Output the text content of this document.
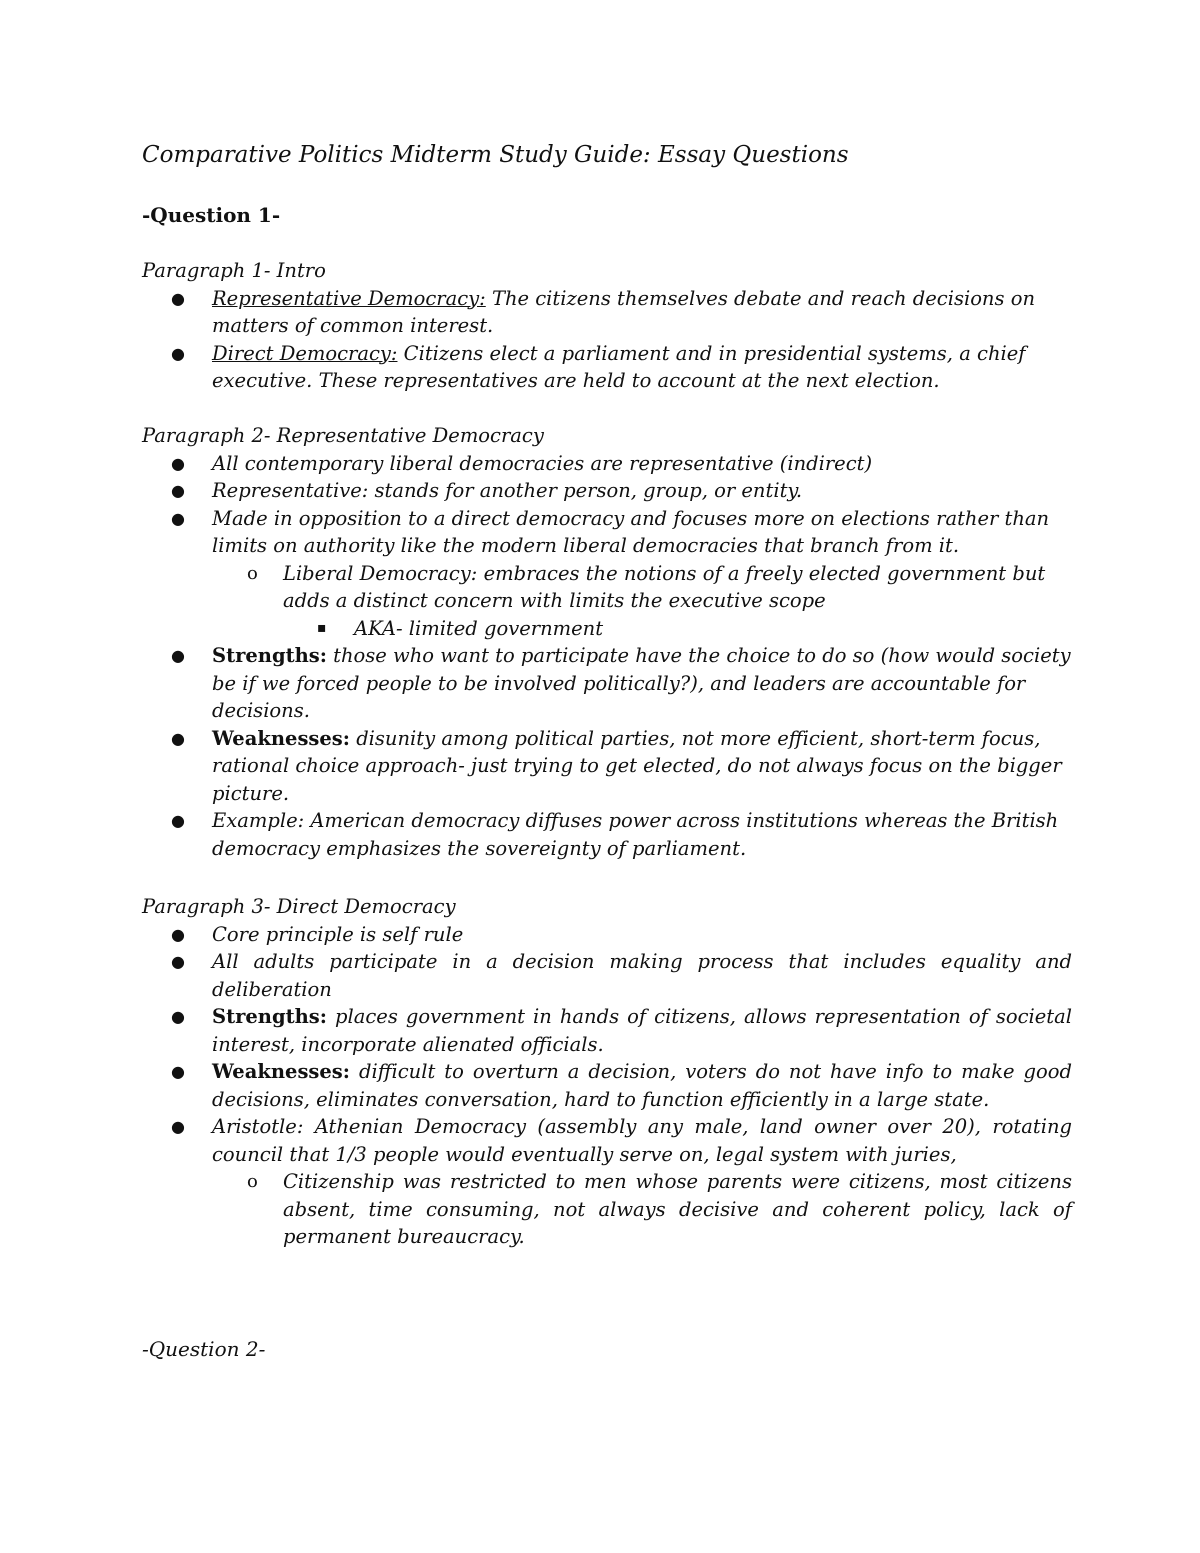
Comparative Politics Midterm Study Guide: Essay Questions
-Question 1-
Paragraph 1- Intro
● Representative Democracy: The citizens themselves debate and reach decisions on matters of common interest.
● Direct Democracy: Citizens elect a parliament and in presidential systems, a chief executive. These representatives are held to account at the next election.
Paragraph 2- Representative Democracy
● All contemporary liberal democracies are representative (indirect)
● Representative: stands for another person, group, or entity.
● Made in opposition to a direct democracy and focuses more on elections rather than limits on authority like the modern liberal democracies that branch from it.
o Liberal Democracy: embraces the notions of a freely elected government but adds a distinct concern with limits the executive scope
▪ AKA- limited government
● Strengths: those who want to participate have the choice to do so (how would society be if we forced people to be involved politically?), and leaders are accountable for decisions.
● Weaknesses: disunity among political parties, not more efficient, short-term focus, rational choice approach- just trying to get elected, do not always focus on the bigger picture.
● Example: American democracy diffuses power across institutions whereas the British democracy emphasizes the sovereignty of parliament.
Paragraph 3- Direct Democracy
● Core principle is self rule
● All adults participate in a decision making process that includes equality and deliberation
● Strengths: places government in hands of citizens, allows representation of societal interest, incorporate alienated officials.
● Weaknesses: difficult to overturn a decision, voters do not have info to make good decisions, eliminates conversation, hard to function efficiently in a large state.
● Aristotle: Athenian Democracy (assembly any male, land owner over 20), rotating council that 1/3 people would eventually serve on, legal system with juries,
o Citizenship was restricted to men whose parents were citizens, most citizens absent, time consuming, not always decisive and coherent policy, lack of permanent bureaucracy.
-Question 2-
